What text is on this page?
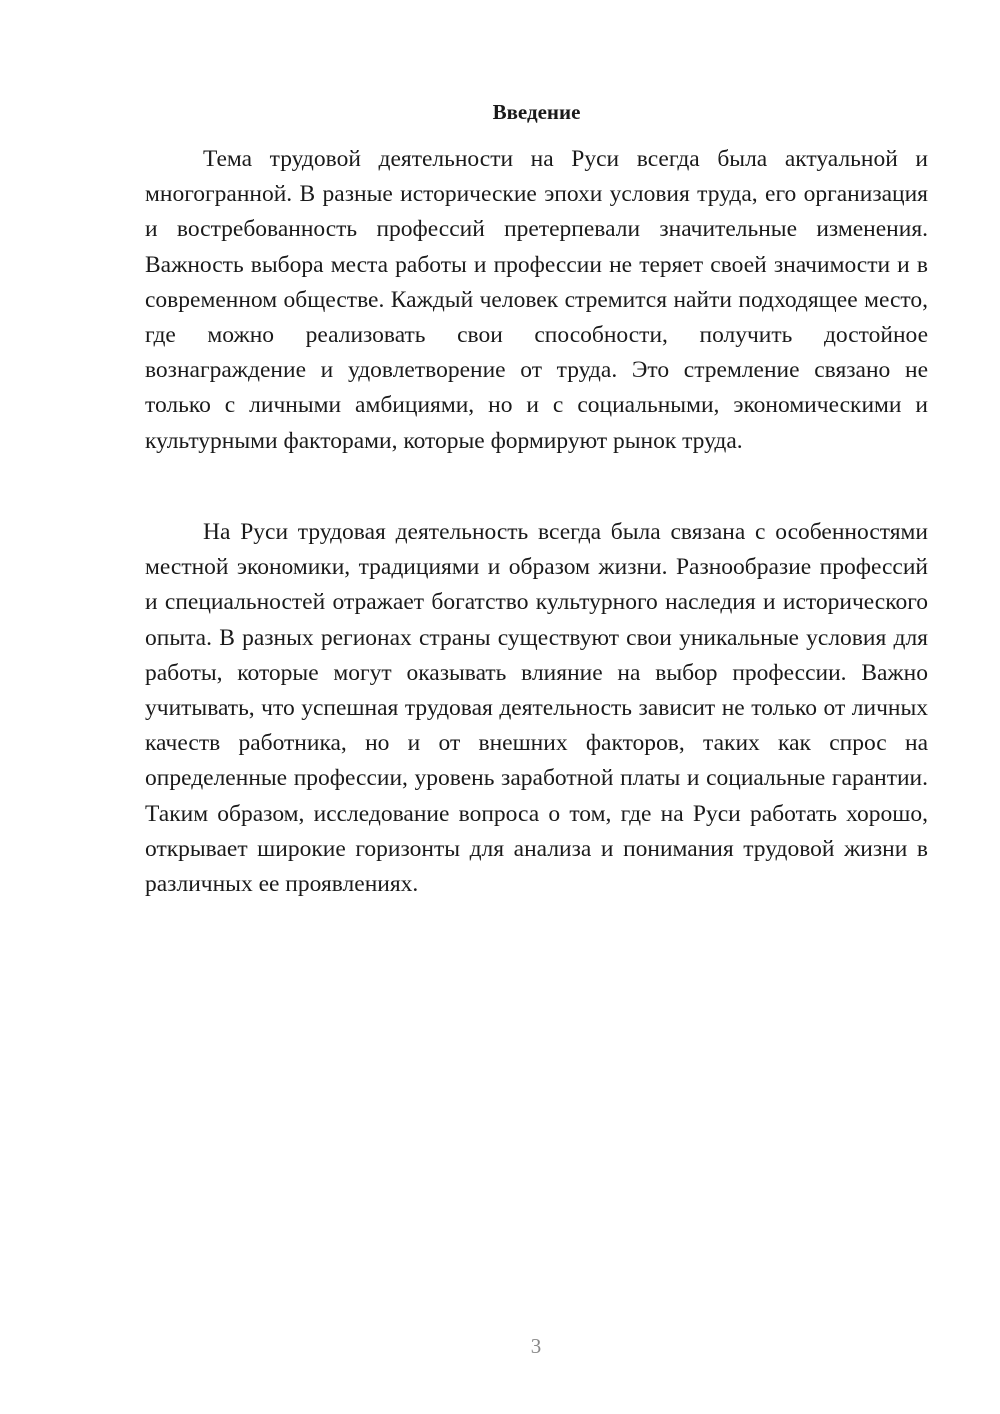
Введение

Тема трудовой деятельности на Руси всегда была актуальной и многогранной. В разные исторические эпохи условия труда, его организация и востребованность профессий претерпевали значительные изменения. Важность выбора места работы и профессии не теряет своей значимости и в современном обществе. Каждый человек стремится найти подходящее место, где можно реализовать свои способности, получить достойное вознаграждение и удовлетворение от труда. Это стремление связано не только с личными амбициями, но и с социальными, экономическими и культурными факторами, которые формируют рынок труда.

На Руси трудовая деятельность всегда была связана с особенностями местной экономики, традициями и образом жизни. Разнообразие профессий и специальностей отражает богатство культурного наследия и исторического опыта. В разных регионах страны существуют свои уникальные условия для работы, которые могут оказывать влияние на выбор профессии. Важно учитывать, что успешная трудовая деятельность зависит не только от личных качеств работника, но и от внешних факторов, таких как спрос на определенные профессии, уровень заработной платы и социальные гарантии. Таким образом, исследование вопроса о том, где на Руси работать хорошо, открывает широкие горизонты для анализа и понимания трудовой жизни в различных ее проявлениях.

3
